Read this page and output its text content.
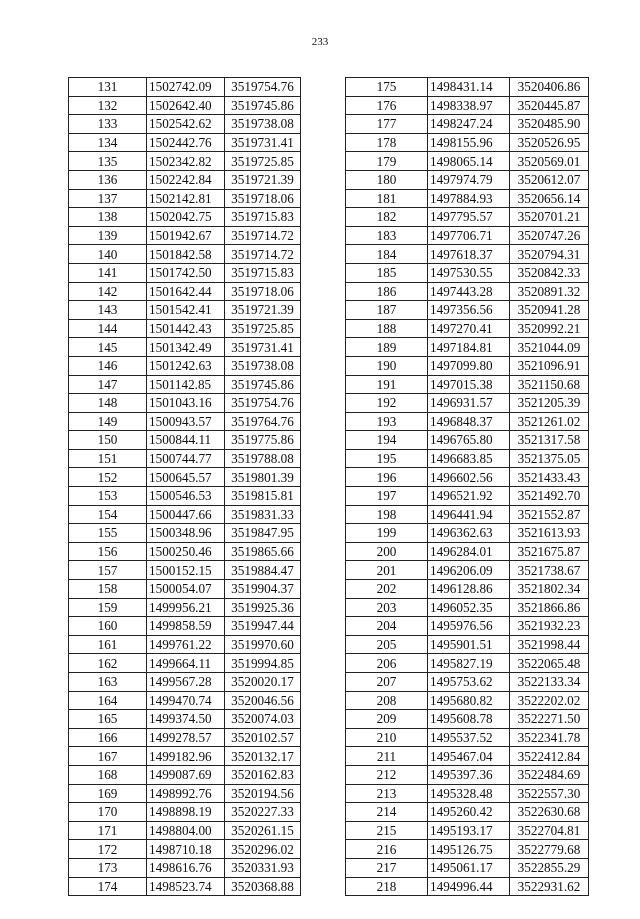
233
131	1502742.09	3519754.76
132	1502642.40	3519745.86
133	1502542.62	3519738.08
134	1502442.76	3519731.41
135	1502342.82	3519725.85
136	1502242.84	3519721.39
137	1502142.81	3519718.06
138	1502042.75	3519715.83
139	1501942.67	3519714.72
140	1501842.58	3519714.72
141	1501742.50	3519715.83
142	1501642.44	3519718.06
143	1501542.41	3519721.39
144	1501442.43	3519725.85
145	1501342.49	3519731.41
146	1501242.63	3519738.08
147	1501142.85	3519745.86
148	1501043.16	3519754.76
149	1500943.57	3519764.76
150	1500844.11	3519775.86
151	1500744.77	3519788.08
152	1500645.57	3519801.39
153	1500546.53	3519815.81
154	1500447.66	3519831.33
155	1500348.96	3519847.95
156	1500250.46	3519865.66
157	1500152.15	3519884.47
158	1500054.07	3519904.37
159	1499956.21	3519925.36
160	1499858.59	3519947.44
161	1499761.22	3519970.60
162	1499664.11	3519994.85
163	1499567.28	3520020.17
164	1499470.74	3520046.56
165	1499374.50	3520074.03
166	1499278.57	3520102.57
167	1499182.96	3520132.17
168	1499087.69	3520162.83
169	1498992.76	3520194.56
170	1498898.19	3520227.33
171	1498804.00	3520261.15
172	1498710.18	3520296.02
173	1498616.76	3520331.93
174	1498523.74	3520368.88
175	1498431.14	3520406.86
176	1498338.97	3520445.87
177	1498247.24	3520485.90
178	1498155.96	3520526.95
179	1498065.14	3520569.01
180	1497974.79	3520612.07
181	1497884.93	3520656.14
182	1497795.57	3520701.21
183	1497706.71	3520747.26
184	1497618.37	3520794.31
185	1497530.55	3520842.33
186	1497443.28	3520891.32
187	1497356.56	3520941.28
188	1497270.41	3520992.21
189	1497184.81	3521044.09
190	1497099.80	3521096.91
191	1497015.38	3521150.68
192	1496931.57	3521205.39
193	1496848.37	3521261.02
194	1496765.80	3521317.58
195	1496683.85	3521375.05
196	1496602.56	3521433.43
197	1496521.92	3521492.70
198	1496441.94	3521552.87
199	1496362.63	3521613.93
200	1496284.01	3521675.87
201	1496206.09	3521738.67
202	1496128.86	3521802.34
203	1496052.35	3521866.86
204	1495976.56	3521932.23
205	1495901.51	3521998.44
206	1495827.19	3522065.48
207	1495753.62	3522133.34
208	1495680.82	3522202.02
209	1495608.78	3522271.50
210	1495537.52	3522341.78
211	1495467.04	3522412.84
212	1495397.36	3522484.69
213	1495328.48	3522557.30
214	1495260.42	3522630.68
215	1495193.17	3522704.81
216	1495126.75	3522779.68
217	1495061.17	3522855.29
218	1494996.44	3522931.62
